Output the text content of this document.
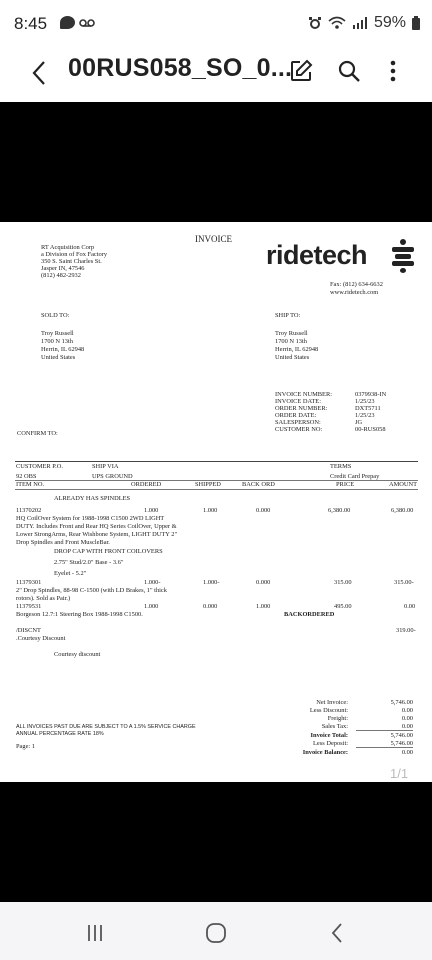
8:45	59%
00RUS058_SO_0...
INVOICE
RT Acquisition Corp
a Division of Fox Factory
350 S. Saint Charles St.
Jasper IN, 47546
(812) 482-2932
ridetech
Fax: (812) 634-6632
www.ridetech.com
SOLD TO:
Troy Russell
1700 N 13th
Herrin, IL 62948
United States
SHIP TO:
Troy Russell
1700 N 13th
Herrin, IL 62948
United States
INVOICE NUMBER:	0379938-IN
INVOICE DATE:	1/25/23
ORDER NUMBER:	DXT5711
ORDER DATE:	1/25/23
SALESPERSON:	JG
CUSTOMER NO:	00-RUS058
CONFIRM TO:
CUSTOMER P.O.	SHIP VIA	TERMS
92 OBS	UPS GROUND	Credit Card Prepay
ITEM NO.	ORDERED	SHIPPED	BACK ORD	PRICE	AMOUNT
ALREADY HAS SPINDLES
11370202	1.000	1.000	0.000	6,380.00	6,380.00
HQ CoilOver System for 1988-1998 C1500 2WD LIGHT
DUTY. Includes Front and Rear HQ Series CoilOver, Upper &
Lower StrongArms, Rear Wishbone System, LIGHT DUTY 2"
Drop Spindles and Front MuscleBar.
DROP CAP WITH FRONT COILOVERS
2.75" Stud/2.0" Base - 3.6"
Eyelet - 5.2"
11379301	1.000-	1.000-	0.000	315.00	315.00-
2" Drop Spindles, 88-98 C-1500 (with LD Brakes, 1" thick
rotors). Sold as Pair.)
11379531	1.000	0.000	1.000	495.00	0.00
Borgeson 12.7:1 Steering Box 1988-1998 C1500.	BACKORDERED
/DISCNT	319.00-
.Courtesy Discount
Courtesy discount
ALL INVOICES PAST DUE ARE SUBJECT TO A 1.5% SERVICE CHARGE
ANNUAL PERCENTAGE RATE 18%
Page: 1
Net Invoice:	5,746.00
Less Discount:	0.00
Freight:	0.00
Sales Tax:	0.00
Invoice Total:	5,746.00
Less Deposit:	5,746.00
Invoice Balance:	0.00
1/1
